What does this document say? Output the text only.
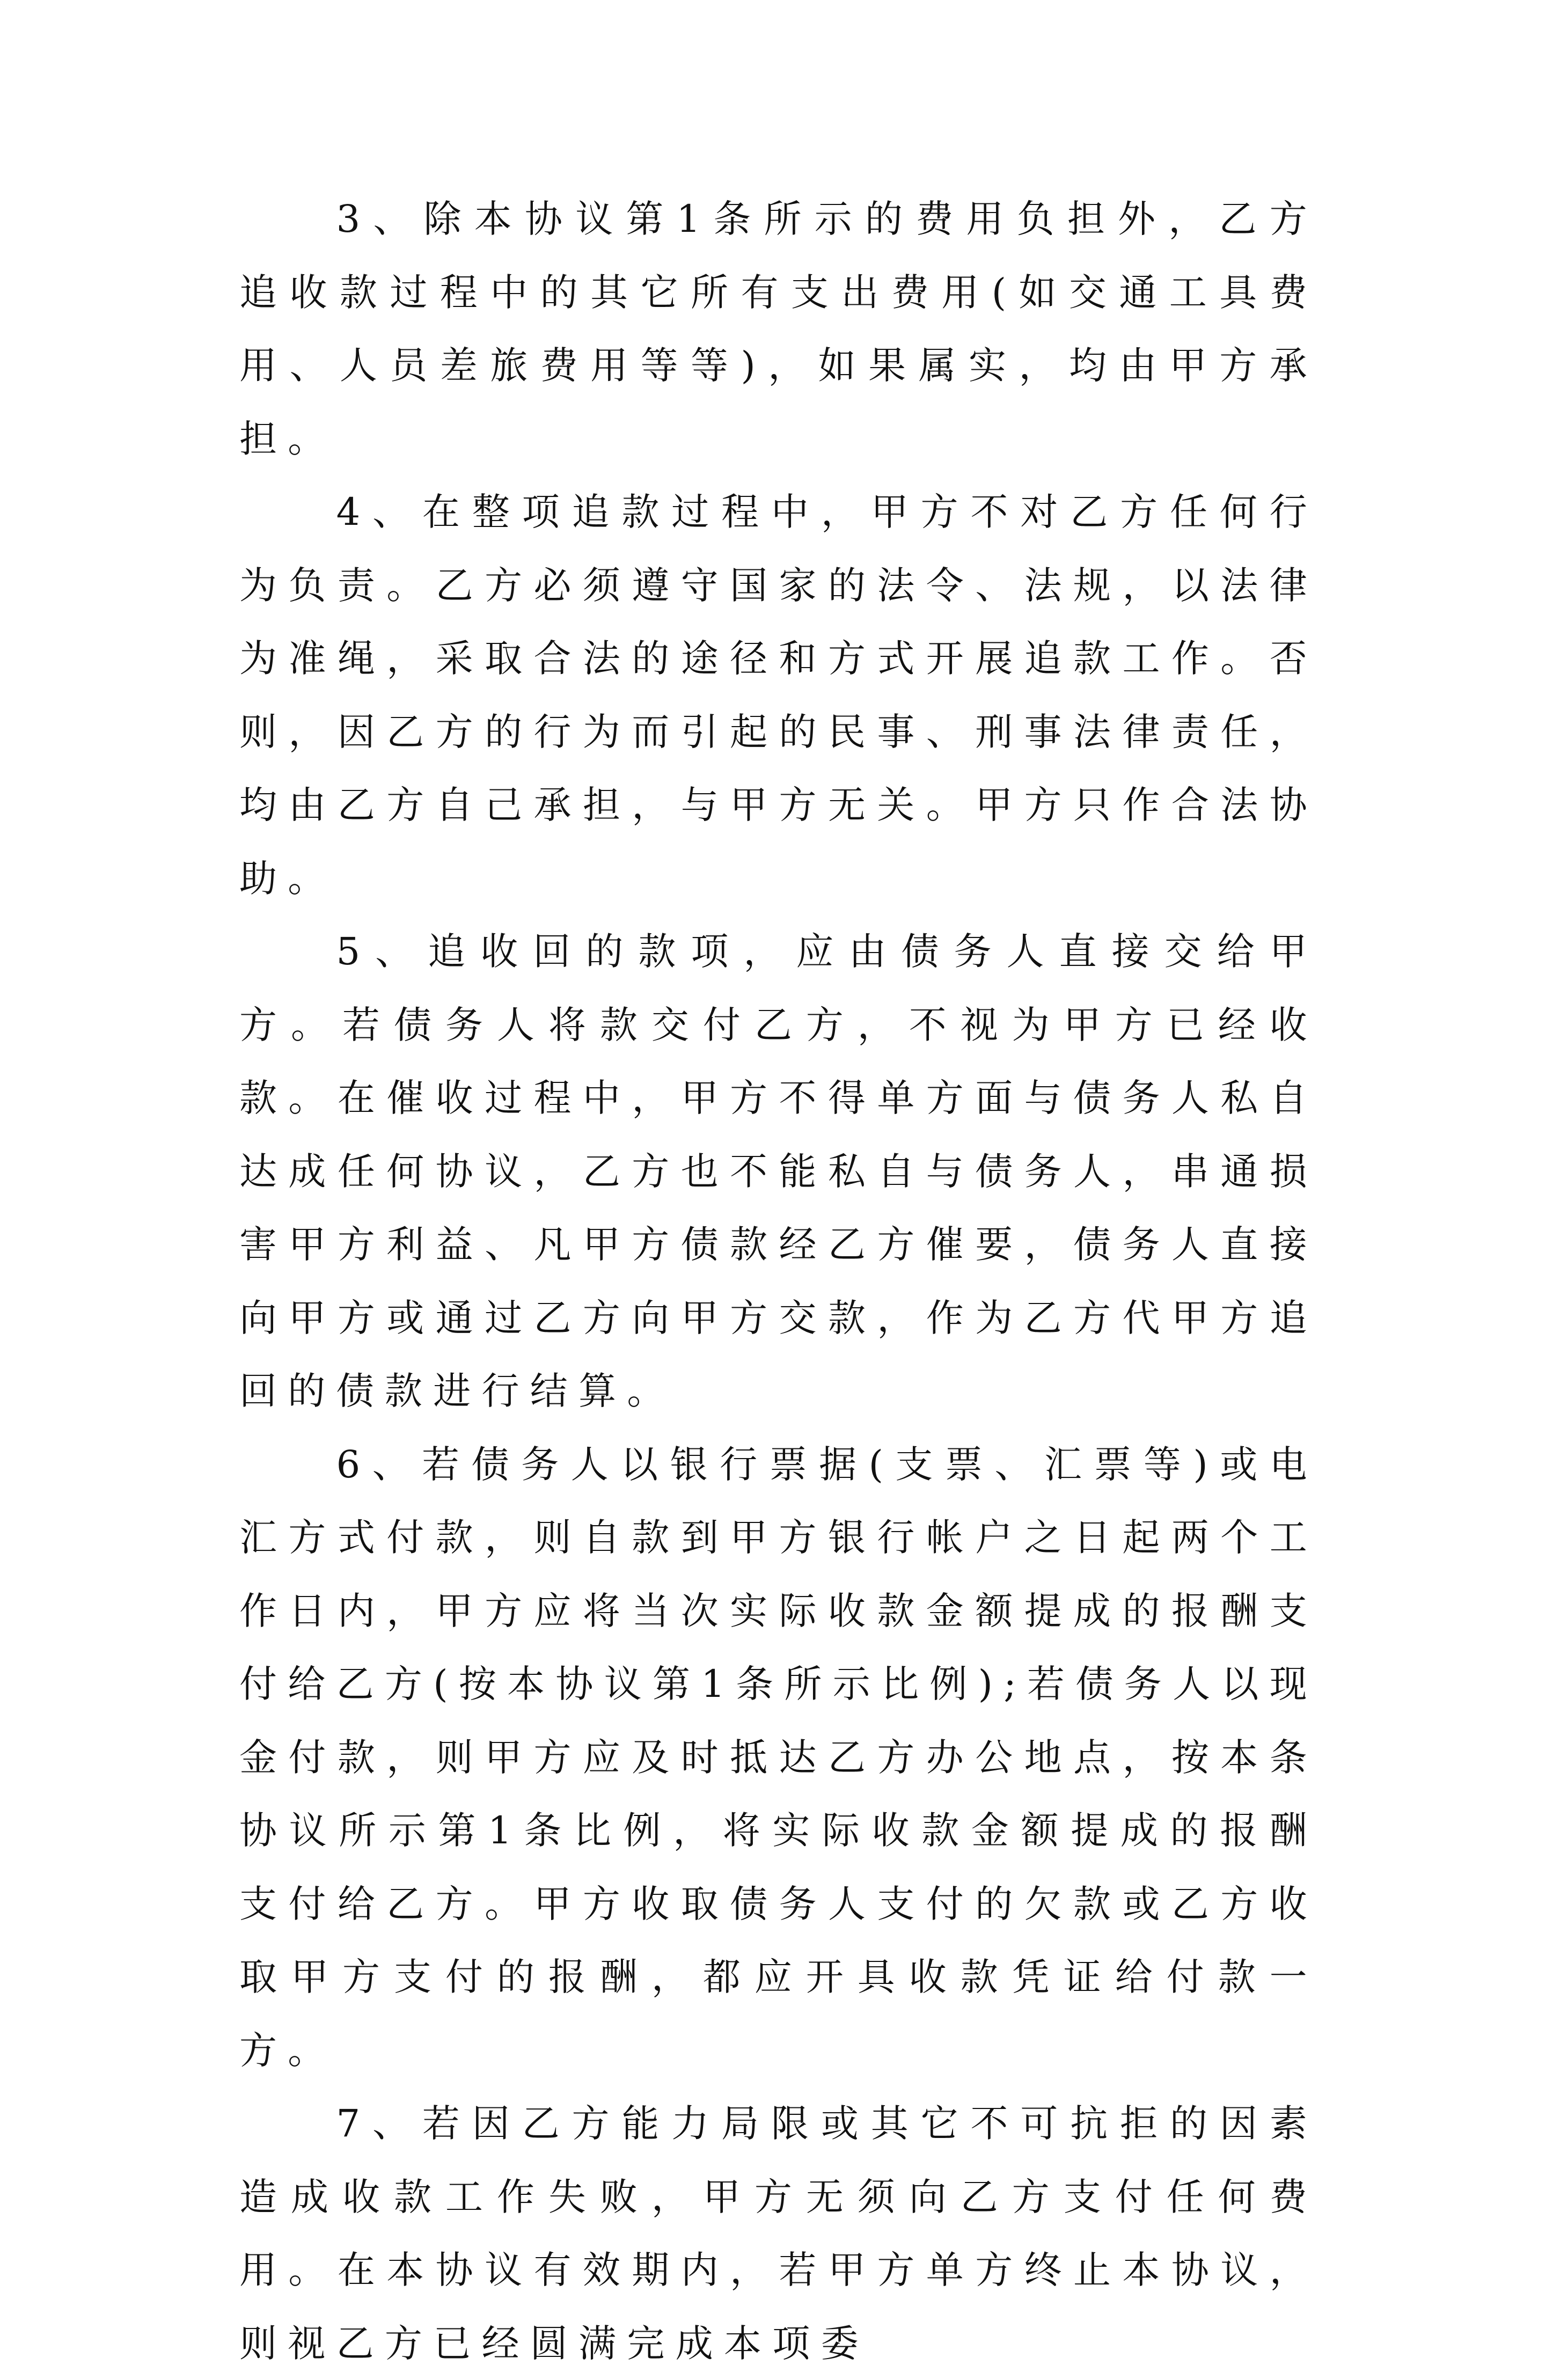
3、除本协议第1条所示的费用负担外，乙方追收款过程中的其它所有支出费用(如交通工具费用、人员差旅费用等等)，如果属实，均由甲方承担。

4、在整项追款过程中，甲方不对乙方任何行为负责。乙方必须遵守国家的法令、法规，以法律为准绳，采取合法的途径和方式开展追款工作。否则，因乙方的行为而引起的民事、刑事法律责任，均由乙方自己承担，与甲方无关。甲方只作合法协助。

5、追收回的款项，应由债务人直接交给甲方。若债务人将款交付乙方，不视为甲方已经收款。在催收过程中，甲方不得单方面与债务人私自达成任何协议，乙方也不能私自与债务人，串通损害甲方利益、凡甲方债款经乙方催要，债务人直接向甲方或通过乙方向甲方交款，作为乙方代甲方追回的债款进行结算。

6、若债务人以银行票据(支票、汇票等)或电汇方式付款，则自款到甲方银行帐户之日起两个工作日内，甲方应将当次实际收款金额提成的报酬支付给乙方(按本协议第1条所示比例);若债务人以现金付款，则甲方应及时抵达乙方办公地点，按本条协议所示第1条比例，将实际收款金额提成的报酬支付给乙方。甲方收取债务人支付的欠款或乙方收取甲方支付的报酬，都应开具收款凭证给付款一方。

7、若因乙方能力局限或其它不可抗拒的因素造成收款工作失败，甲方无须向乙方支付任何费用。在本协议有效期内，若甲方单方终止本协议，则视乙方已经圆满完成本项委
